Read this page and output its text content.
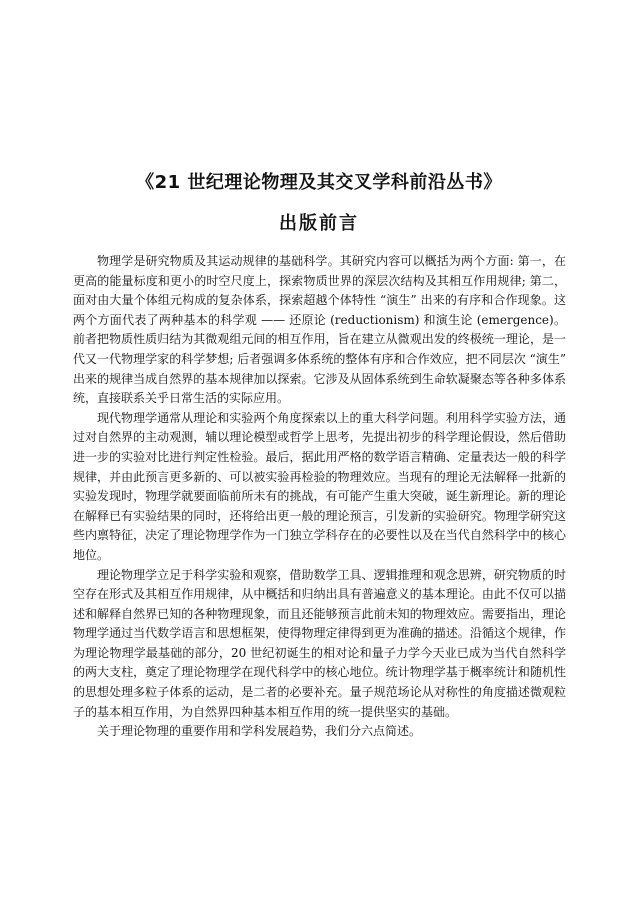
《21 世纪理论物理及其交叉学科前沿丛书》
出版前言

物理学是研究物质及其运动规律的基础科学。其研究内容可以概括为两个方面: 第一，在更高的能量标度和更小的时空尺度上，探索物质世界的深层次结构及其相互作用规律; 第二，面对由大量个体组元构成的复杂体系，探索超越个体特性 “演生” 出来的有序和合作现象。这两个方面代表了两种基本的科学观 —— 还原论 (reductionism) 和演生论 (emergence)。前者把物质性质归结为其微观组元间的相互作用，旨在建立从微观出发的终极统一理论，是一代又一代物理学家的科学梦想; 后者强调多体系统的整体有序和合作效应，把不同层次 “演生” 出来的规律当成自然界的基本规律加以探索。它涉及从固体系统到生命软凝聚态等各种多体系统，直接联系关乎日常生活的实际应用。

现代物理学通常从理论和实验两个角度探索以上的重大科学问题。利用科学实验方法，通过对自然界的主动观测，辅以理论模型或哲学上思考，先提出初步的科学理论假设，然后借助进一步的实验对比进行判定性检验。最后，据此用严格的数学语言精确、定量表达一般的科学规律，并由此预言更多新的、可以被实验再检验的物理效应。当现有的理论无法解释一批新的实验发现时，物理学就要面临前所未有的挑战，有可能产生重大突破，诞生新理论。新的理论在解释已有实验结果的同时，还将给出更一般的理论预言，引发新的实验研究。物理学研究这些内禀特征，决定了理论物理学作为一门独立学科存在的必要性以及在当代自然科学中的核心地位。

理论物理学立足于科学实验和观察，借助数学工具、逻辑推理和观念思辨，研究物质的时空存在形式及其相互作用规律，从中概括和归纳出具有普遍意义的基本理论。由此不仅可以描述和解释自然界已知的各种物理现象，而且还能够预言此前未知的物理效应。需要指出，理论物理学通过当代数学语言和思想框架，使得物理定律得到更为准确的描述。沿循这个规律，作为理论物理学最基础的部分，20 世纪初诞生的相对论和量子力学今天业已成为当代自然科学的两大支柱，奠定了理论物理学在现代科学中的核心地位。统计物理学基于概率统计和随机性的思想处理多粒子体系的运动，是二者的必要补充。量子规范场论从对称性的角度描述微观粒子的基本相互作用，为自然界四种基本相互作用的统一提供坚实的基础。

关于理论物理的重要作用和学科发展趋势，我们分六点简述。
